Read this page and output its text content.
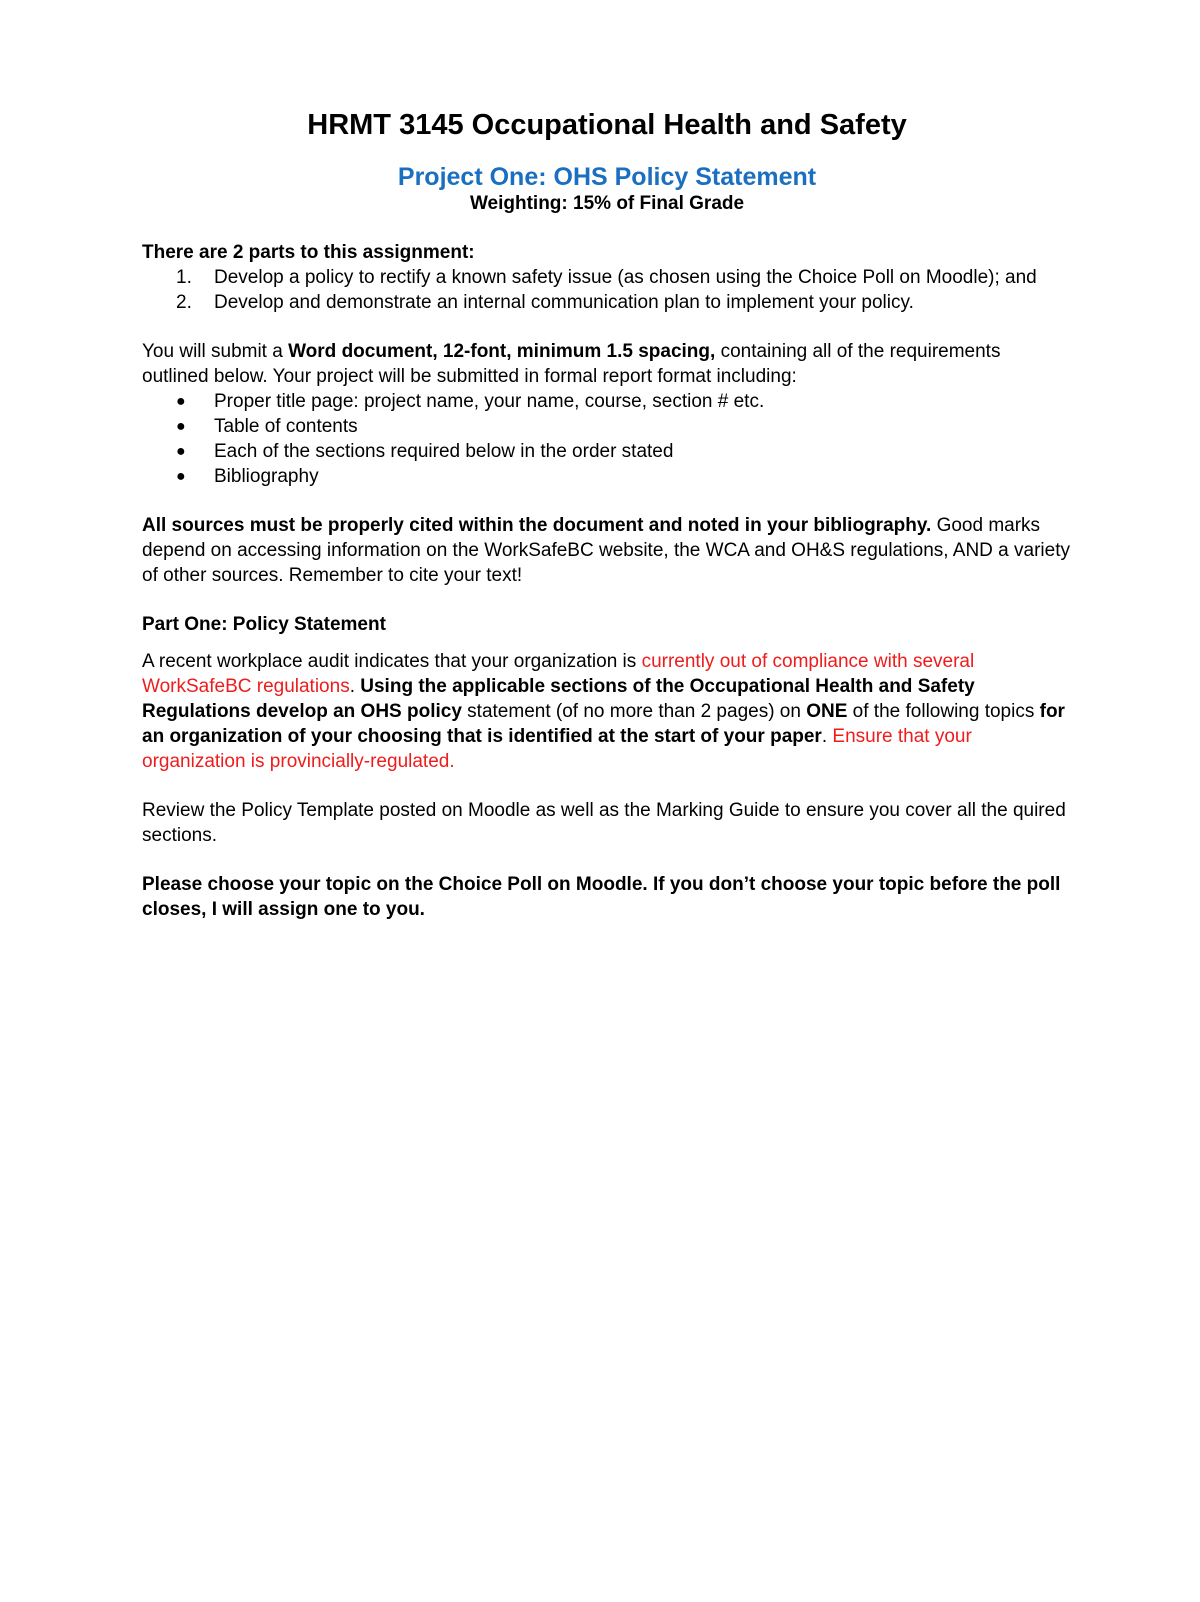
HRMT 3145 Occupational Health and Safety

Project One: OHS Policy Statement

Weighting: 15% of Final Grade

There are 2 parts to this assignment:

1. Develop a policy to rectify a known safety issue (as chosen using the Choice Poll on Moodle); and
2. Develop and demonstrate an internal communication plan to implement your policy.

You will submit a Word document, 12-font, minimum 1.5 spacing, containing all of the requirements outlined below. Your project will be submitted in formal report format including:

● Proper title page: project name, your name, course, section # etc.
● Table of contents
● Each of the sections required below in the order stated
● Bibliography

All sources must be properly cited within the document and noted in your bibliography. Good marks depend on accessing information on the WorkSafeBC website, the WCA and OH&S regulations, AND a variety of other sources. Remember to cite your text!

Part One: Policy Statement

A recent workplace audit indicates that your organization is currently out of compliance with several WorkSafeBC regulations. Using the applicable sections of the Occupational Health and Safety Regulations develop an OHS policy statement (of no more than 2 pages) on ONE of the following topics for an organization of your choosing that is identified at the start of your paper. Ensure that your organization is provincially-regulated.

Review the Policy Template posted on Moodle as well as the Marking Guide to ensure you cover all the quired sections.

Please choose your topic on the Choice Poll on Moodle. If you don’t choose your topic before the poll closes, I will assign one to you.
